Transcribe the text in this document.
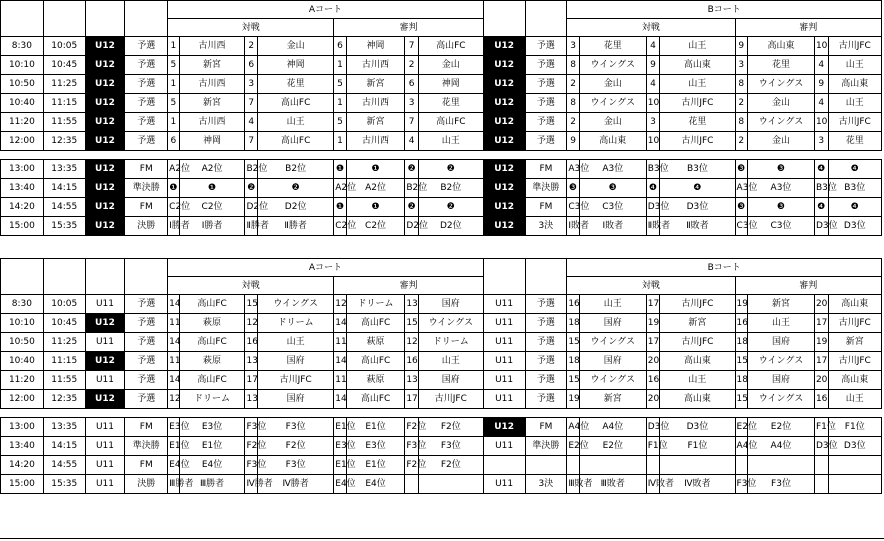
				Aコート										Bコート							
				対戦				審判						対戦				審判			
8:30	10:05	U12	予選	1	古川西	2	金山	6	神岡	7	高山FC	U12	予選	3	花里	4	山王	9	高山東	10	古川JFC
10:10	10:45	U12	予選	5	新宮	6	神岡	1	古川西	2	金山	U12	予選	8	ウイングス	9	高山東	3	花里	4	山王
10:50	11:25	U12	予選	1	古川西	3	花里	5	新宮	6	神岡	U12	予選	2	金山	4	山王	8	ウイングス	9	高山東
10:40	11:15	U12	予選	5	新宮	7	高山FC	1	古川西	3	花里	U12	予選	8	ウイングス	10	古川JFC	2	金山	4	山王
11:20	11:55	U12	予選	1	古川西	4	山王	5	新宮	7	高山FC	U12	予選	2	金山	3	花里	8	ウイングス	10	古川JFC
12:00	12:35	U12	予選	6	神岡	7	高山FC	1	古川西	4	山王	U12	予選	9	高山東	10	古川JFC	2	金山	3	花里

13:00	13:35	U12	FM	A2位	A2位	B2位	B2位	❶	❶	❷	❷	U12	FM	A3位	A3位	B3位	B3位	❸	❸	❹	❹
13:40	14:15	U12	準決勝	❶	❶	❷	❷	A2位	A2位	B2位	B2位	U12	準決勝	❸	❸	❹	❹	A3位	A3位	B3位	B3位
14:20	14:55	U12	FM	C2位	C2位	D2位	D2位	❶	❶	❷	❷	U12	FM	C3位	C3位	D3位	D3位	❸	❸	❹	❹
15:00	15:35	U12	決勝	Ⅰ勝者	Ⅰ勝者	Ⅱ勝者	Ⅱ勝者	C2位	C2位	D2位	D2位	U12	3決	Ⅰ敗者	Ⅰ敗者	Ⅱ敗者	Ⅱ敗者	C3位	C3位	D3位	D3位

				Aコート										Bコート							
				対戦				審判						対戦				審判			
8:30	10:05	U11	予選	14	高山FC	15	ウイングス	12	ドリーム	13	国府	U11	予選	16	山王	17	古川JFC	19	新宮	20	高山東
10:10	10:45	U12	予選	11	萩原	12	ドリーム	14	高山FC	15	ウイングス	U11	予選	18	国府	19	新宮	16	山王	17	古川JFC
10:50	11:25	U11	予選	14	高山FC	16	山王	11	萩原	12	ドリーム	U11	予選	15	ウイングス	17	古川JFC	18	国府	19	新宮
10:40	11:15	U12	予選	11	萩原	13	国府	14	高山FC	16	山王	U11	予選	18	国府	20	高山東	15	ウイングス	17	古川JFC
11:20	11:55	U11	予選	14	高山FC	17	古川JFC	11	萩原	13	国府	U11	予選	15	ウイングス	16	山王	18	国府	20	高山東
12:00	12:35	U12	予選	12	ドリーム	13	国府	14	高山FC	17	古川JFC	U11	予選	19	新宮	20	高山東	15	ウイングス	16	山王

13:00	13:35	U11	FM	E3位	E3位	F3位	F3位	E1位	E1位	F2位	F2位	U12	FM	A4位	A4位	D3位	D3位	E2位	E2位	F1位	F1位
13:40	14:15	U11	準決勝	E1位	E1位	F2位	F2位	E3位	E3位	F3位	F3位	U11	準決勝	E2位	E2位	F1位	F1位	A4位	A4位	D3位	D3位
14:20	14:55	U11	FM	E4位	E4位	F3位	F3位	E1位	E1位	F2位	F2位										
15:00	15:35	U11	決勝	Ⅲ勝者	Ⅲ勝者	Ⅳ勝者	Ⅳ勝者	E4位	E4位			U11	3決	Ⅲ敗者	Ⅲ敗者	Ⅳ敗者	Ⅳ敗者	F3位	F3位		
